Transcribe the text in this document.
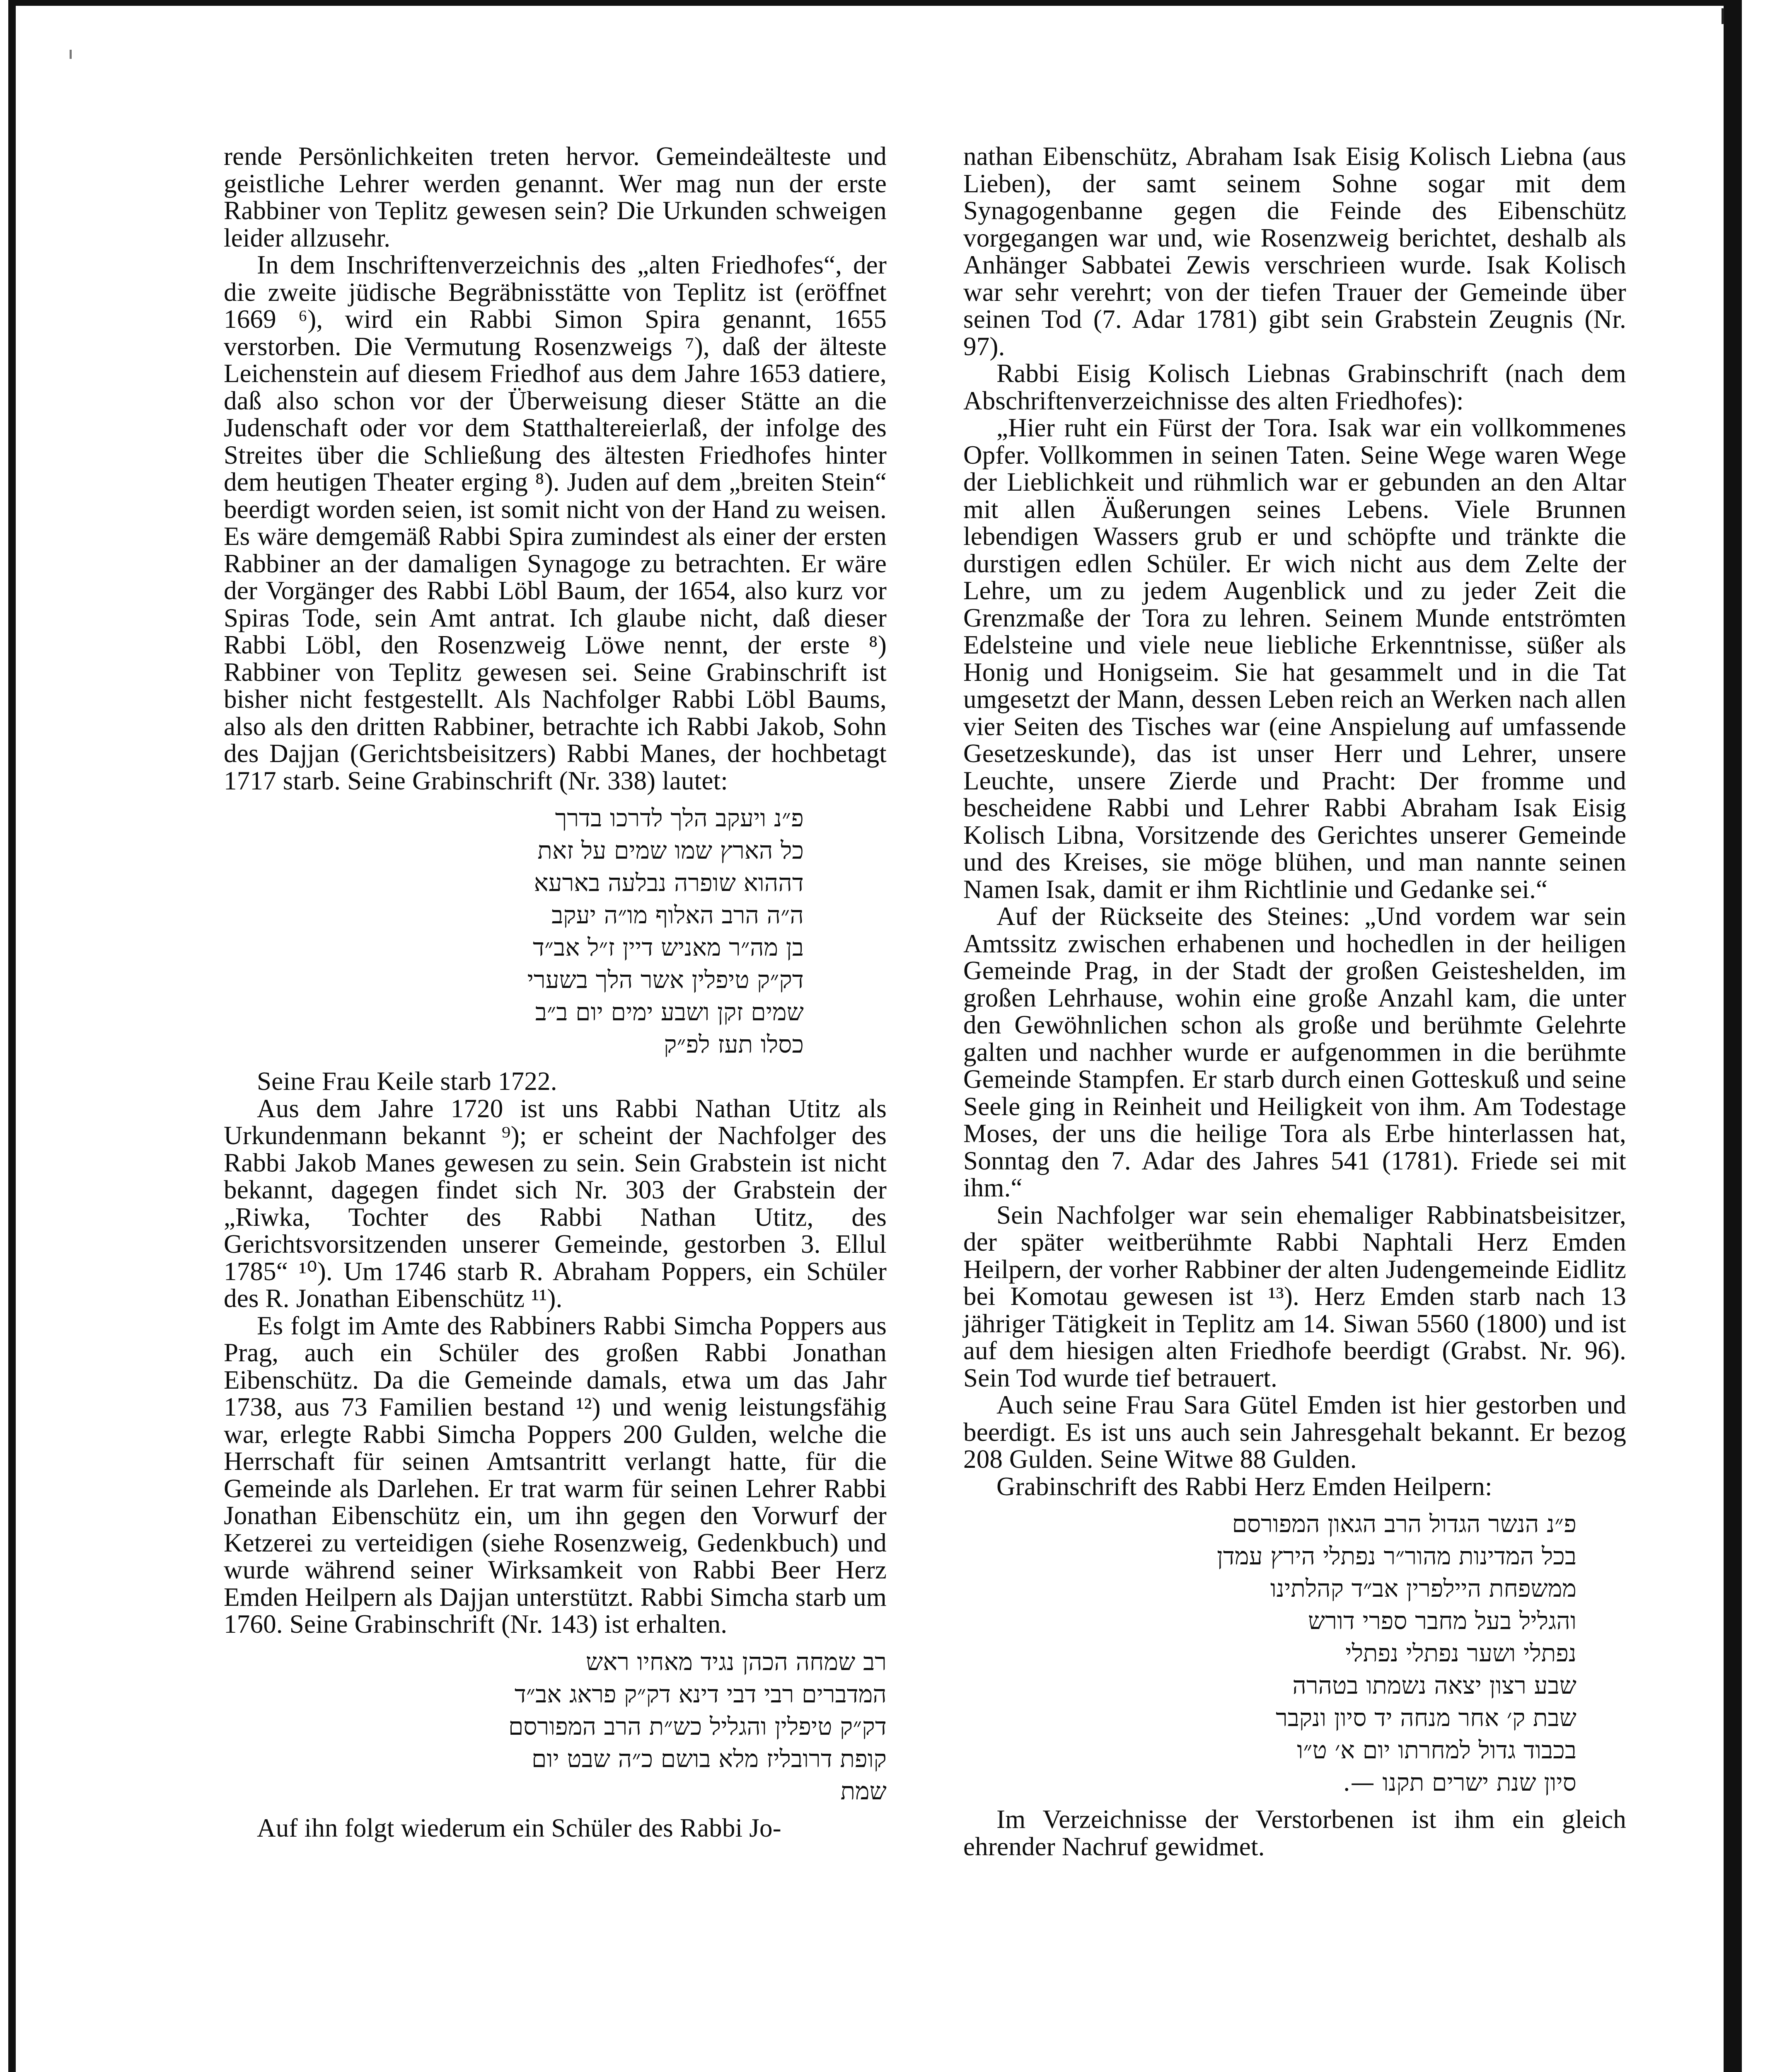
rende Persönlichkeiten treten hervor. Gemeindeälteste und geistliche Lehrer werden genannt. Wer mag nun der erste Rabbiner von Teplitz gewesen sein? Die Urkunden schweigen leider allzusehr.

In dem Inschriftenverzeichnis des „alten Friedhofes“, der die zweite jüdische Begräbnisstätte von Teplitz ist (eröffnet 1669 ⁶), wird ein Rabbi Simon Spira genannt, 1655 verstorben. Die Vermutung Rosenzweigs ⁷), daß der älteste Leichenstein auf diesem Friedhof aus dem Jahre 1653 datiere, daß also schon vor der Überweisung dieser Stätte an die Judenschaft oder vor dem Statthaltereierlaß, der infolge des Streites über die Schließung des ältesten Friedhofes hinter dem heutigen Theater erging ⁸). Juden auf dem „breiten Stein“ beerdigt worden seien, ist somit nicht von der Hand zu weisen. Es wäre demgemäß Rabbi Spira zumindest als einer der ersten Rabbiner an der damaligen Synagoge zu betrachten. Er wäre der Vorgänger des Rabbi Löbl Baum, der 1654, also kurz vor Spiras Tode, sein Amt antrat. Ich glaube nicht, daß dieser Rabbi Löbl, den Rosenzweig Löwe nennt, der erste ⁸) Rabbiner von Teplitz gewesen sei. Seine Grabinschrift ist bisher nicht festgestellt. Als Nachfolger Rabbi Löbl Baums, also als den dritten Rabbiner, betrachte ich Rabbi Jakob, Sohn des Dajjan (Gerichtsbeisitzers) Rabbi Manes, der hochbetagt 1717 starb. Seine Grabinschrift (Nr. 338) lautet:

פ״נ ויעקב הלך לדרכו בדרך
כל הארץ שמו שמים על זאת
דההוא שופרה נבלעה בארעא
ה״ה הרב האלוף מו״ה יעקב
בן מה״ר מאניש דיין ז״ל אב״ד
דק״ק טיפלין אשר הלך בשערי
שמים זקן ושבע ימים יום ב״ב
כסלו תעז לפ״ק

Seine Frau Keile starb 1722.

Aus dem Jahre 1720 ist uns Rabbi Nathan Utitz als Urkundenmann bekannt ⁹); er scheint der Nachfolger des Rabbi Jakob Manes gewesen zu sein. Sein Grabstein ist nicht bekannt, dagegen findet sich Nr. 303 der Grabstein der „Riwka, Tochter des Rabbi Nathan Utitz, des Gerichtsvorsitzenden unserer Gemeinde, gestorben 3. Ellul 1785“ ¹⁰). Um 1746 starb R. Abraham Poppers, ein Schüler des R. Jonathan Eibenschütz ¹¹).

Es folgt im Amte des Rabbiners Rabbi Simcha Poppers aus Prag, auch ein Schüler des großen Rabbi Jonathan Eibenschütz. Da die Gemeinde damals, etwa um das Jahr 1738, aus 73 Familien bestand ¹²) und wenig leistungsfähig war, erlegte Rabbi Simcha Poppers 200 Gulden, welche die Herrschaft für seinen Amtsantritt verlangt hatte, für die Gemeinde als Darlehen. Er trat warm für seinen Lehrer Rabbi Jonathan Eibenschütz ein, um ihn gegen den Vorwurf der Ketzerei zu verteidigen (siehe Rosenzweig, Gedenkbuch) und wurde während seiner Wirksamkeit von Rabbi Beer Herz Emden Heilpern als Dajjan unterstützt. Rabbi Simcha starb um 1760. Seine Grabinschrift (Nr. 143) ist erhalten.

רב שמחה הכהן נגיד מאחיו ראש
המדברים רבי דבי דינא דק״ק פראג אב״ד
דק״ק טיפלין והגליל כש״ת הרב המפורסם
קופת דרובליז מלא בושם כ״ה שבט יום
שמת

Auf ihn folgt wiederum ein Schüler des Rabbi Jo-

nathan Eibenschütz, Abraham Isak Eisig Kolisch Liebna (aus Lieben), der samt seinem Sohne sogar mit dem Synagogenbanne gegen die Feinde des Eibenschütz vorgegangen war und, wie Rosenzweig berichtet, deshalb als Anhänger Sabbatei Zewis verschrieen wurde. Isak Kolisch war sehr verehrt; von der tiefen Trauer der Gemeinde über seinen Tod (7. Adar 1781) gibt sein Grabstein Zeugnis (Nr. 97).

Rabbi Eisig Kolisch Liebnas Grabinschrift (nach dem Abschriftenverzeichnisse des alten Friedhofes):

„Hier ruht ein Fürst der Tora. Isak war ein vollkommenes Opfer. Vollkommen in seinen Taten. Seine Wege waren Wege der Lieblichkeit und rühmlich war er gebunden an den Altar mit allen Äußerungen seines Lebens. Viele Brunnen lebendigen Wassers grub er und schöpfte und tränkte die durstigen edlen Schüler. Er wich nicht aus dem Zelte der Lehre, um zu jedem Augenblick und zu jeder Zeit die Grenzmaße der Tora zu lehren. Seinem Munde entströmten Edelsteine und viele neue liebliche Erkenntnisse, süßer als Honig und Honigseim. Sie hat gesammelt und in die Tat umgesetzt der Mann, dessen Leben reich an Werken nach allen vier Seiten des Tisches war (eine Anspielung auf umfassende Gesetzeskunde), das ist unser Herr und Lehrer, unsere Leuchte, unsere Zierde und Pracht: Der fromme und bescheidene Rabbi und Lehrer Rabbi Abraham Isak Eisig Kolisch Libna, Vorsitzende des Gerichtes unserer Gemeinde und des Kreises, sie möge blühen, und man nannte seinen Namen Isak, damit er ihm Richtlinie und Gedanke sei.“

Auf der Rückseite des Steines: „Und vordem war sein Amtssitz zwischen erhabenen und hochedlen in der heiligen Gemeinde Prag, in der Stadt der großen Geisteshelden, im großen Lehrhause, wohin eine große Anzahl kam, die unter den Gewöhnlichen schon als große und berühmte Gelehrte galten und nachher wurde er aufgenommen in die berühmte Gemeinde Stampfen. Er starb durch einen Gotteskuß und seine Seele ging in Reinheit und Heiligkeit von ihm. Am Todestage Moses, der uns die heilige Tora als Erbe hinterlassen hat, Sonntag den 7. Adar des Jahres 541 (1781). Friede sei mit ihm.“

Sein Nachfolger war sein ehemaliger Rabbinatsbeisitzer, der später weitberühmte Rabbi Naphtali Herz Emden Heilpern, der vorher Rabbiner der alten Judengemeinde Eidlitz bei Komotau gewesen ist ¹³). Herz Emden starb nach 13 jähriger Tätigkeit in Teplitz am 14. Siwan 5560 (1800) und ist auf dem hiesigen alten Friedhofe beerdigt (Grabst. Nr. 96). Sein Tod wurde tief betrauert.

Auch seine Frau Sara Gütel Emden ist hier gestorben und beerdigt. Es ist uns auch sein Jahresgehalt bekannt. Er bezog 208 Gulden. Seine Witwe 88 Gulden.

Grabinschrift des Rabbi Herz Emden Heilpern:

פ״נ הנשר הגדול הרב הגאון המפורסם
בכל המדינות מהור״ר נפתלי הירץ עמדן
ממשפחת היילפרין אב״ד קהלתינו
והגליל בעל מחבר ספרי דורש
נפתלי ושער נפתלי נפתלי
שבע רצון יצאה נשמתו בטהרה
שבת ק׳ אחר מנחה יד סיון ונקבר
בכבוד גדול למחרתו יום א׳ ט״ו
סיון שנת ישרים תקנו —.

Im Verzeichnisse der Verstorbenen ist ihm ein gleich ehrender Nachruf gewidmet.
